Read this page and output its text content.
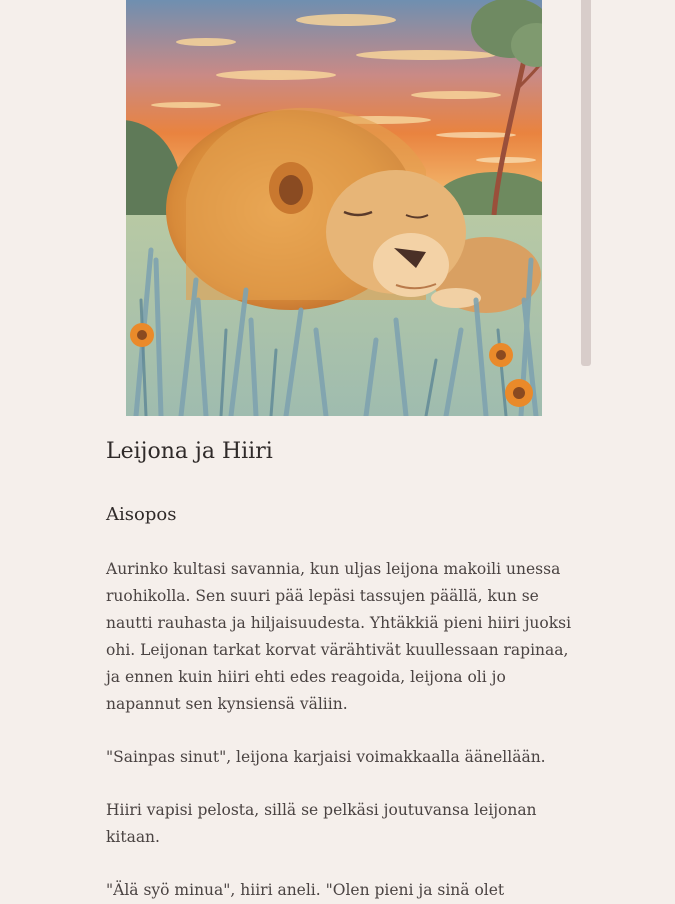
Leijona ja Hiiri
Aisopos

Aurinko kultasi savannia, kun uljas leijona makoili unessa ruohikolla. Sen suuri pää lepäsi tassujen päällä, kun se nautti rauhasta ja hiljaisuudesta. Yhtäkkiä pieni hiiri juoksi ohi. Leijonan tarkat korvat värähtivät kuullessaan rapinaa, ja ennen kuin hiiri ehti edes reagoida, leijona oli jo napannut sen kynsiensä väliin.

"Sainpas sinut", leijona karjaisi voimakkaalla äänellään.

Hiiri vapisi pelosta, sillä se pelkäsi joutuvansa leijonan kitaan.

"Älä syö minua", hiiri aneli. "Olen pieni ja sinä olet
